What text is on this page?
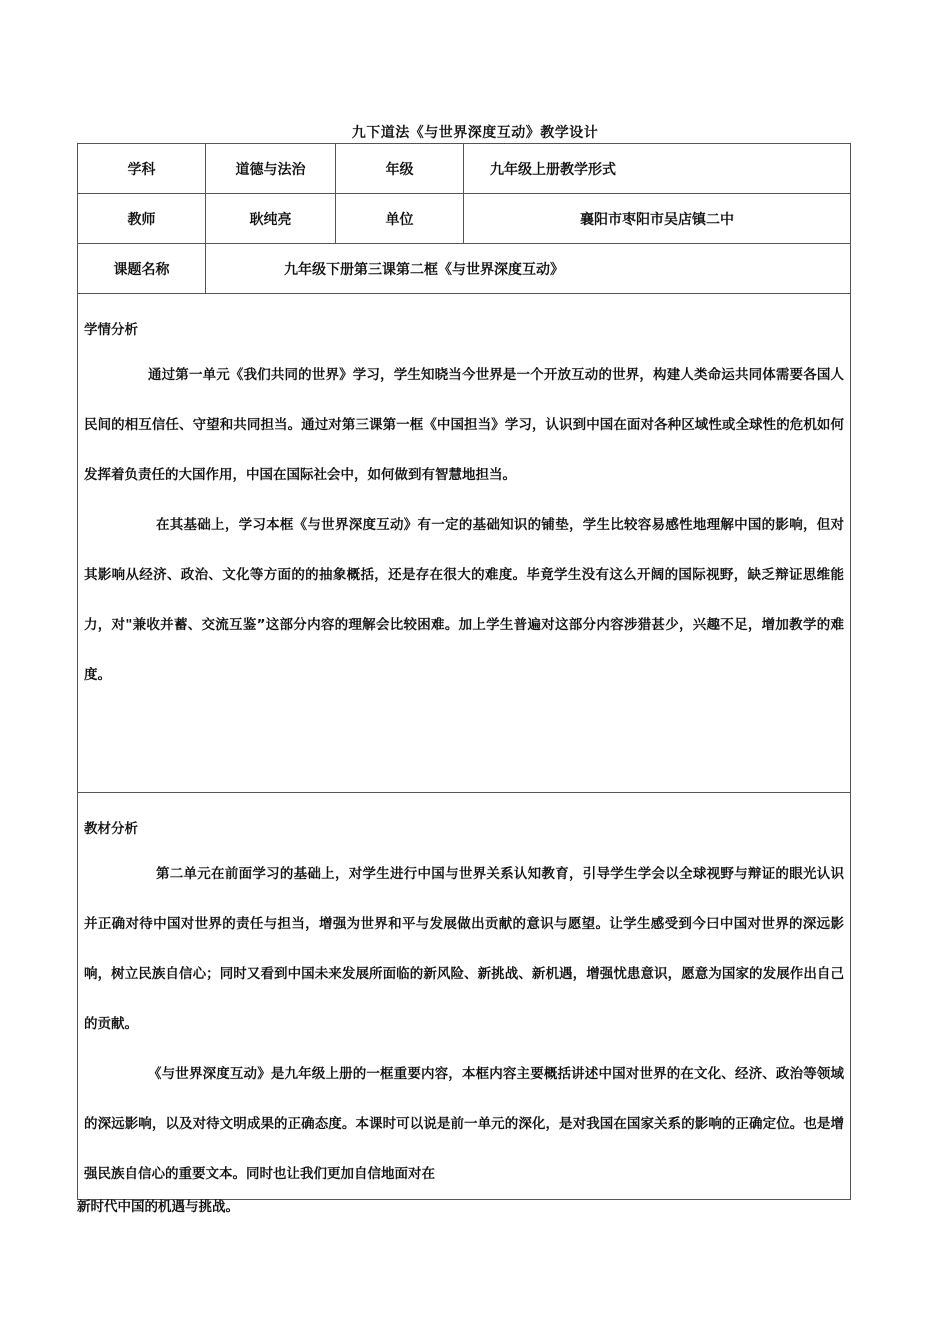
九下道法《与世界深度互动》教学设计
学科	道德与法治	年级	九年级上册教学形式
教师	耿纯亮	单位	襄阳市枣阳市吴店镇二中
课题名称	九年级下册第三课第二框《与世界深度互动》		

学情分析

通过第一单元《我们共同的世界》学习，学生知晓当今世界是一个开放互动的世界，构建人类命运共同体需要各国人民间的相互信任、守望和共同担当。通过对第三课第一框《中国担当》学习，认识到中国在面对各种区域性或全球性的危机如何发挥着负责任的大国作用，中国在国际社会中，如何做到有智慧地担当。

在其基础上，学习本框《与世界深度互动》有一定的基础知识的铺垫，学生比较容易感性地理解中国的影响，但对其影响从经济、政治、文化等方面的的抽象概括，还是存在很大的难度。毕竟学生没有这么开阔的国际视野，缺乏辩证思维能力，对"兼收并蓄、交流互鉴”这部分内容的理解会比较困难。加上学生普遍对这部分内容涉猎甚少，兴趣不足，增加教学的难度。			

教材分析

第二单元在前面学习的基础上，对学生进行中国与世界关系认知教育，引导学生学会以全球视野与辩证的眼光认识并正确对待中国对世界的责任与担当，增强为世界和平与发展做出贡献的意识与愿望。让学生感受到今曰中国对世界的深远影响，树立民族自信心；同时又看到中国未来发展所面临的新风险、新挑战、新机遇，增强忧患意识，愿意为国家的发展作出自己的贡献。

《与世界深度互动》是九年级上册的一框重要内容，本框内容主要概括讲述中国对世界的在文化、经济、政治等领域的深远影响，以及对待文明成果的正确态度。本课时可以说是前一单元的深化，是对我国在国家关系的影响的正确定位。也是增强民族自信心的重要文本。同时也让我们更加自信地面对在			

新时代中国的机遇与挑战。
